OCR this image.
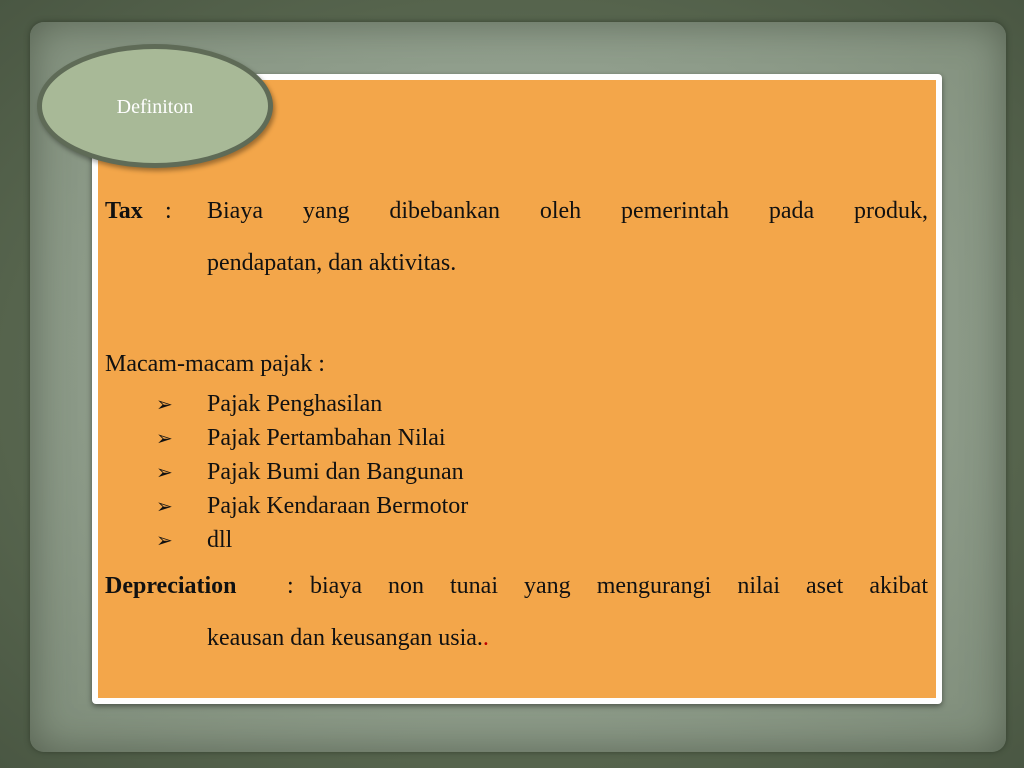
Definiton
Tax : Biaya yang dibebankan oleh pemerintah pada produk,
pendapatan, dan aktivitas.
Macam-macam pajak :
➢ Pajak Penghasilan
➢ Pajak Pertambahan Nilai
➢ Pajak Bumi dan Bangunan
➢ Pajak Kendaraan Bermotor
➢ dll
Depreciation : biaya non tunai yang mengurangi nilai aset akibat
keausan dan keusangan usia..
